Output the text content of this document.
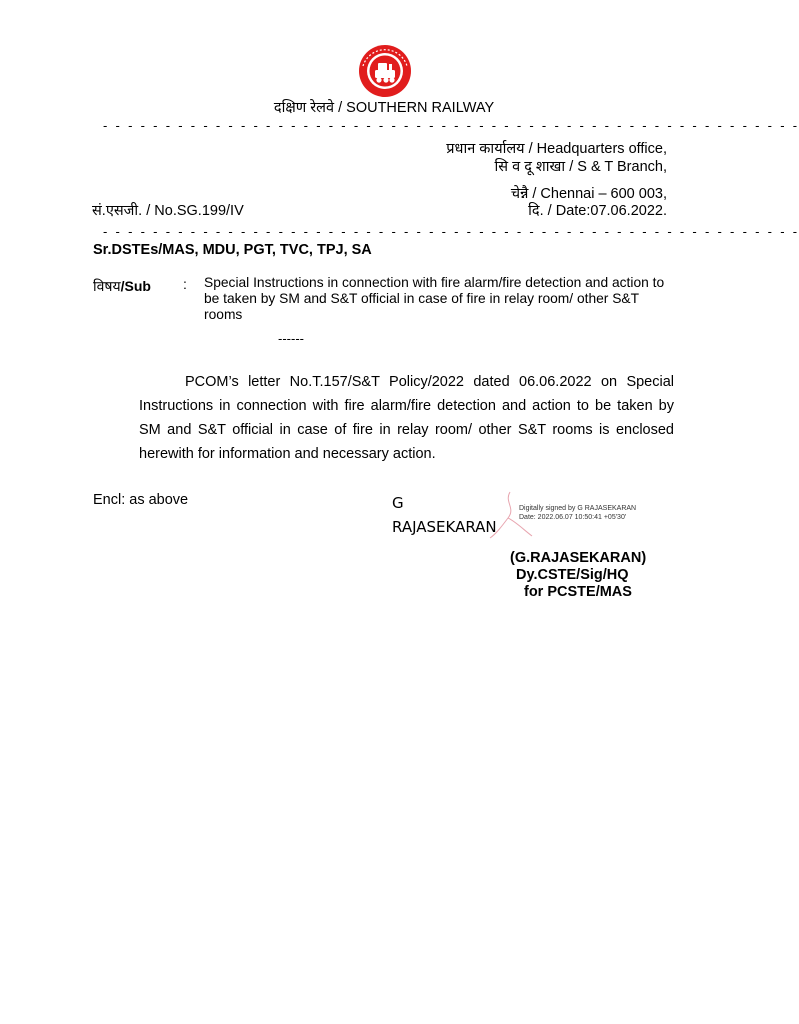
दक्षिण रेलवे / SOUTHERN RAILWAY
- - - - - - - - - - - - - - - - - - - - - - - - - - - - - - - - - - - - - - - - - - - - - - - - - - - - - - - -
प्रधान कार्यालय / Headquarters office,
सि व दू शाखा / S & T Branch,
चेन्नै / Chennai – 600 003,
सं.एसजी. / No.SG.199/IV	दि. / Date:07.06.2022.
- - - - - - - - - - - - - - - - - - - - - - - - - - - - - - - - - - - - - - - - - - - - - - - - - - - - - - - -
Sr.DSTEs/MAS, MDU, PGT, TVC, TPJ, SA
विषय/Sub : Special Instructions in connection with fire alarm/fire detection and action to be taken by SM and S&T official in case of fire in relay room/ other S&T rooms
------
PCOM’s letter No.T.157/S&T Policy/2022 dated 06.06.2022 on Special Instructions in connection with fire alarm/fire detection and action to be taken by SM and S&T official in case of fire in relay room/ other S&T rooms is enclosed herewith for information and necessary action.
Encl: as above	G
RAJASEKARAN
Digitally signed by G RAJASEKARAN
Date: 2022.06.07 10:50:41 +05'30'
(G.RAJASEKARAN)
Dy.CSTE/Sig/HQ
for PCSTE/MAS
